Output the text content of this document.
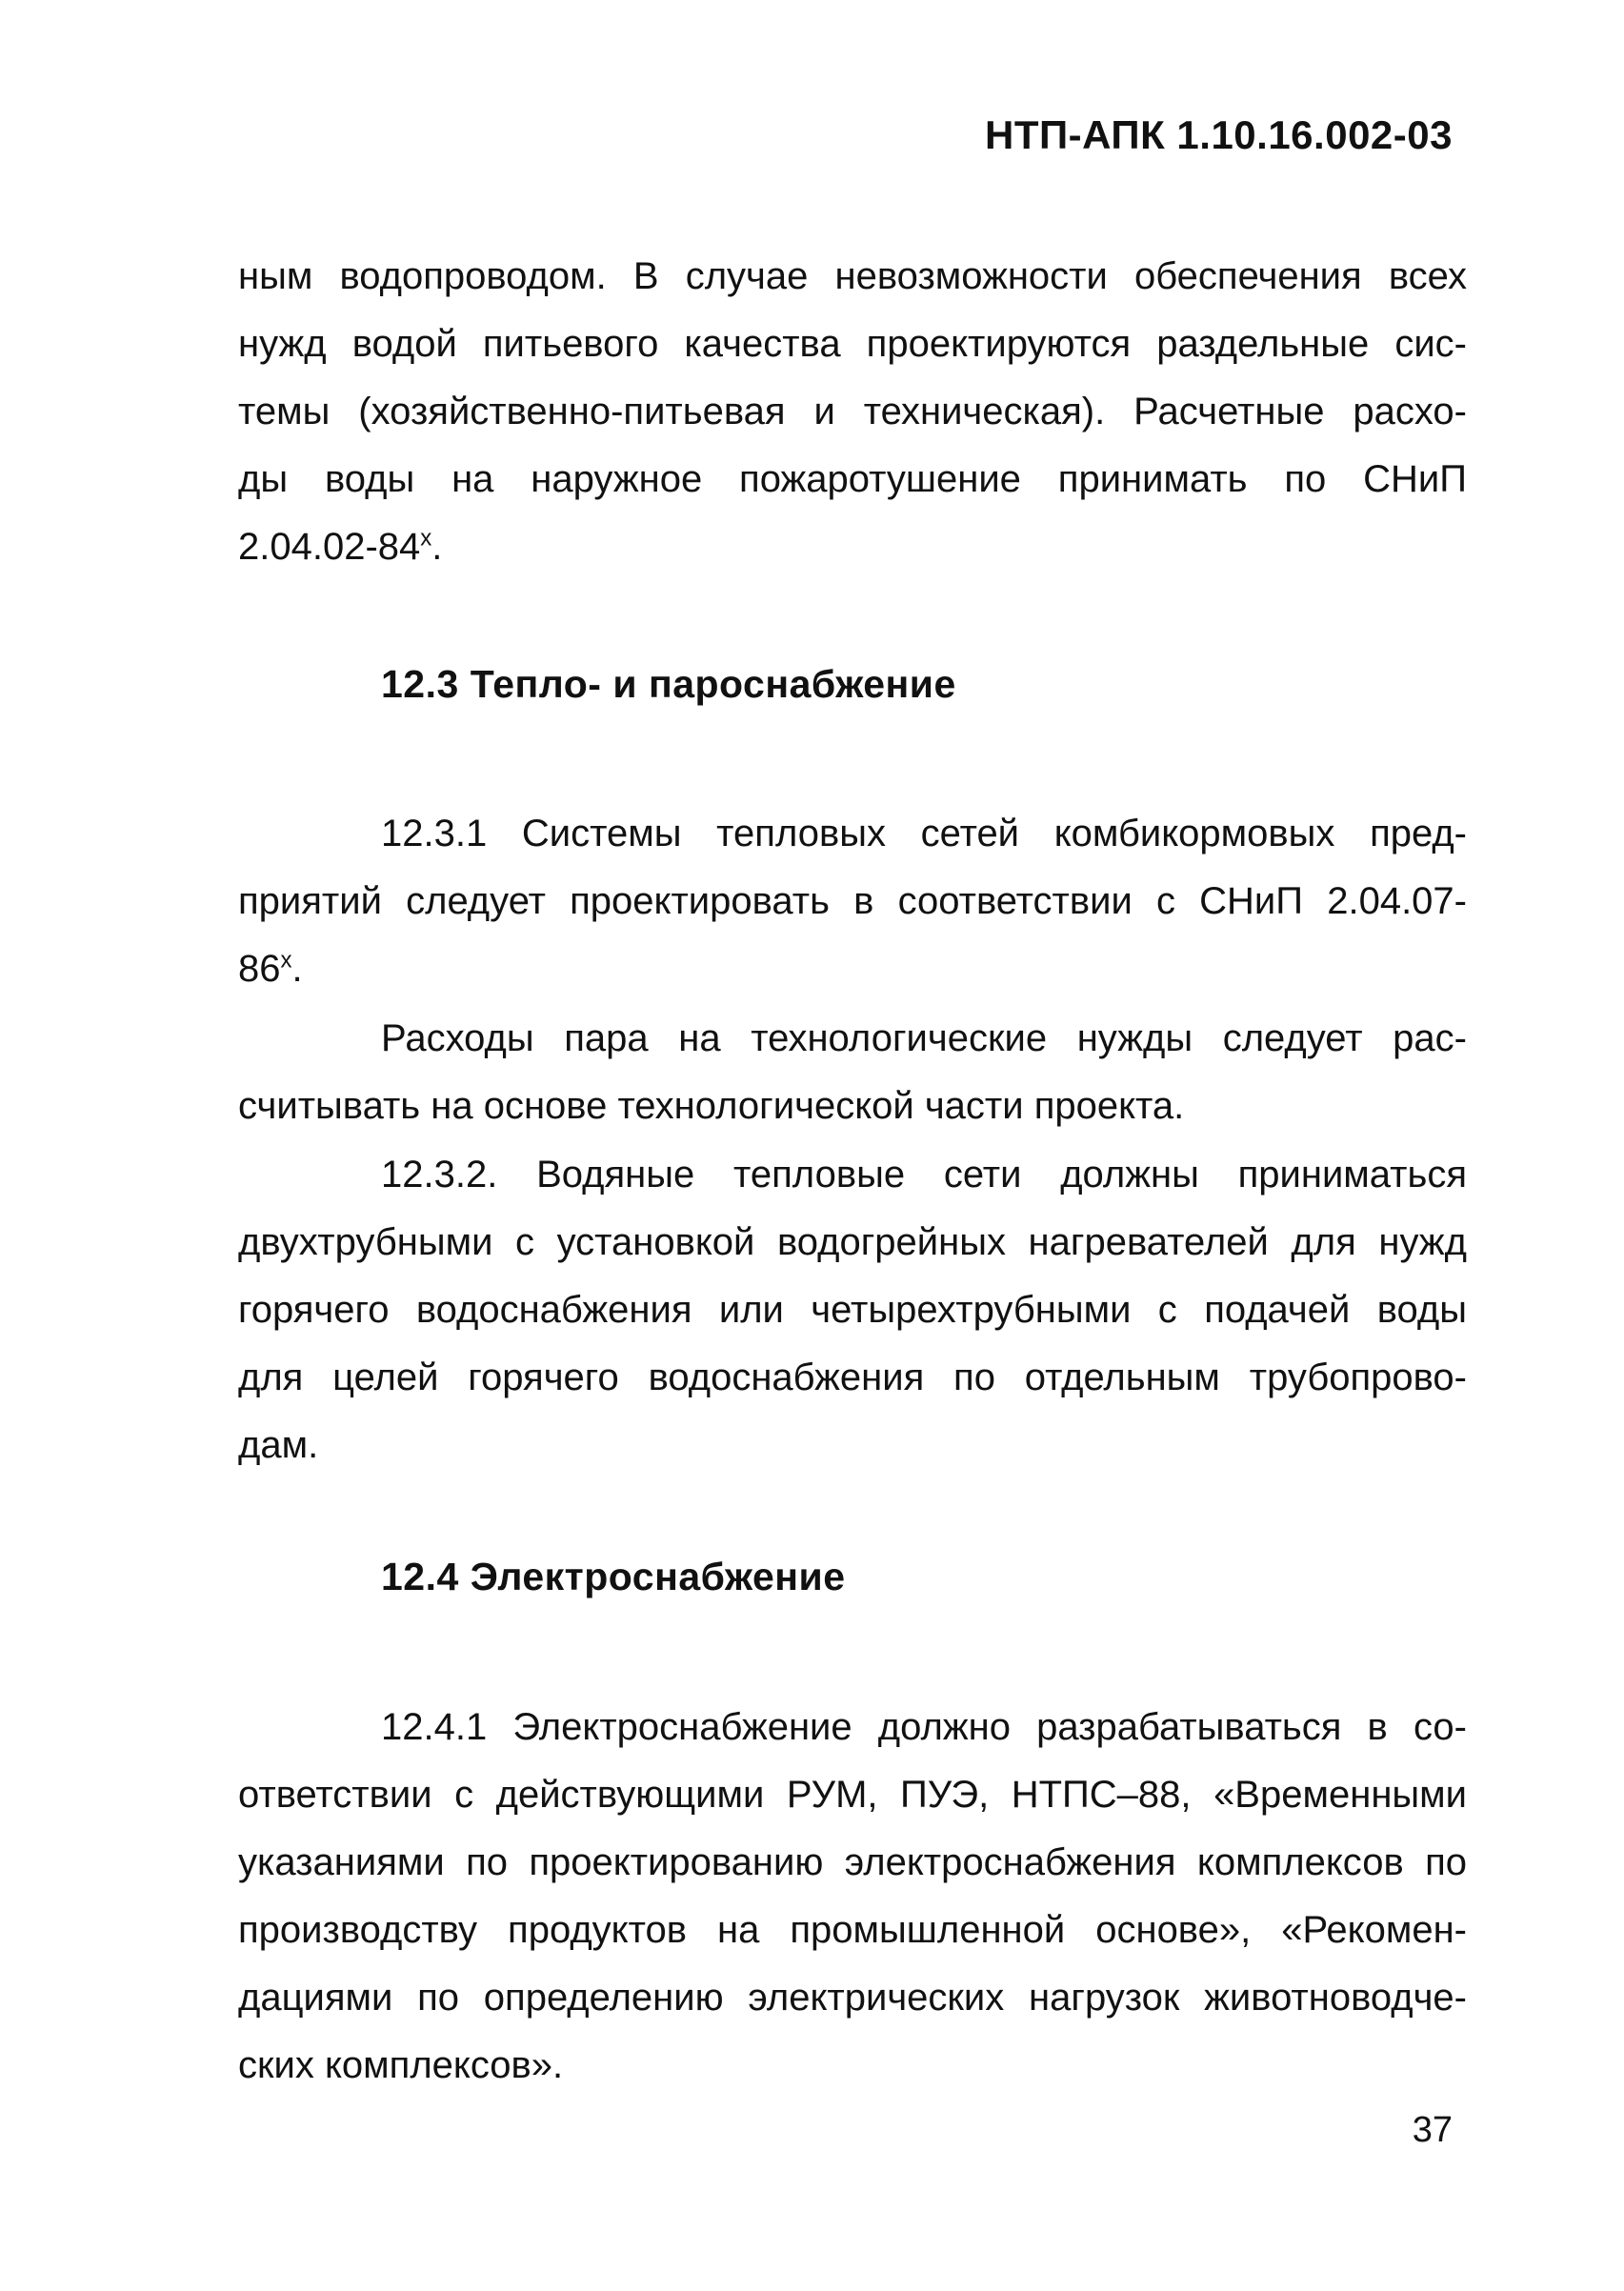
НТП-АПК 1.10.16.002-03
ным водопроводом. В случае невозможности обеспечения всех
нужд водой питьевого качества проектируются раздельные сис-
темы (хозяйственно-питьевая и техническая). Расчетные расхо-
ды воды на наружное пожаротушение принимать по СНиП
$2.04.02-84^х$.
12.3 Тепло- и пароснабжение
12.3.1 Системы тепловых сетей комбикормовых пред-
приятий следует проектировать в соответствии с СНиП 2.04.07-
$86^х$.
Расходы пара на технологические нужды следует рас-
считывать на основе технологической части проекта.
12.3.2. Водяные тепловые сети должны приниматься
двухтрубными с установкой водогрейных нагревателей для нужд
горячего водоснабжения или четырехтрубными с подачей воды
для целей горячего водоснабжения по отдельным трубопрово-
дам.
12.4 Электроснабжение
12.4.1 Электроснабжение должно разрабатываться в со-
ответствии с действующими РУМ, ПУЭ, НТПС–88, «Временными
указаниями по проектированию электроснабжения комплексов по
производству продуктов на промышленной основе», «Рекомен-
дациями по определению электрических нагрузок животноводче-
ских комплексов».
37
